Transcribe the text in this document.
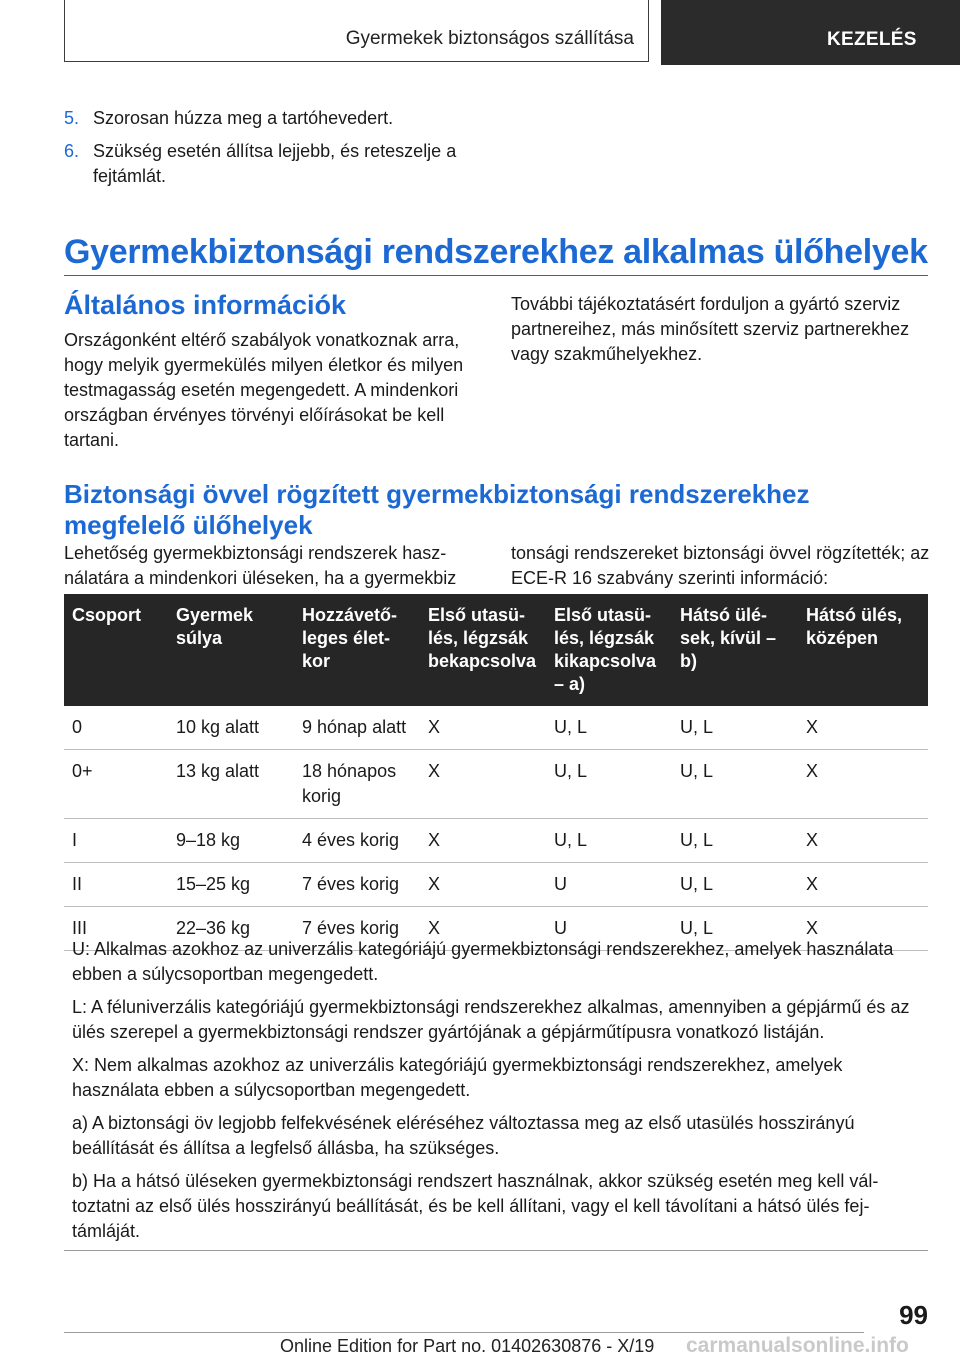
Gyermekek biztonságos szállítása	KEZELÉS
5. Szorosan húzza meg a tartóhevedert.
6. Szükség esetén állítsa lejjebb, és reteszelje a fejtámlát.
Gyermekbiztonsági rendszerekhez alkalmas ülőhelyek
Általános információk
Országonként eltérő szabályok vonatkoznak arra, hogy melyik gyermekülés milyen életkor és milyen testmagasság esetén megengedett. A mindenkori országban érvényes törvényi előírásokat be kell tartani.
További tájékoztatásért forduljon a gyártó szerviz partnereihez, más minősített szerviz partnerekhez vagy szakműhelyekhez.
Biztonsági övvel rögzített gyermekbiztonsági rendszerekhez megfelelő ülőhelyek
Lehetőség gyermekbiztonsági rendszerek használatára a mindenkori üléseken, ha a gyermekbiz
tonsági rendszereket biztonsági övvel rögzítették; az ECE-R 16 szabvány szerinti információ:
Csoport	Gyermek súlya	Hozzávetőleges életkor	Első utasülés, légzsák bekapcsolva	Első utasülés, légzsák kikapcsolva – a)	Hátsó ülések, kívül – b)	Hátsó ülés, középen
0	10 kg alatt	9 hónap alatt	X	U, L	U, L	X
0+	13 kg alatt	18 hónapos korig	X	U, L	U, L	X
I	9–18 kg	4 éves korig	X	U, L	U, L	X
II	15–25 kg	7 éves korig	X	U	U, L	X
III	22–36 kg	7 éves korig	X	U	U, L	X
U: Alkalmas azokhoz az univerzális kategóriájú gyermekbiztonsági rendszerekhez, amelyek használata ebben a súlycsoportban megengedett.
L: A féluniverzális kategóriájú gyermekbiztonsági rendszerekhez alkalmas, amennyiben a gépjármű és az ülés szerepel a gyermekbiztonsági rendszer gyártójának a gépjárműtípusra vonatkozó listáján.
X: Nem alkalmas azokhoz az univerzális kategóriájú gyermekbiztonsági rendszerekhez, amelyek használata ebben a súlycsoportban megengedett.
a) A biztonsági öv legjobb felfekvésének eléréséhez változtassa meg az első utasülés hosszirányú beállítását és állítsa a legfelső állásba, ha szükséges.
b) Ha a hátsó üléseken gyermekbiztonsági rendszert használnak, akkor szükség esetén meg kell változtatni az első ülés hosszirányú beállítását, és be kell állítani, vagy el kell távolítani a hátsó ülés fejtámláját.
99
Online Edition for Part no. 01402630876 - X/19 carmanualsonline.info
